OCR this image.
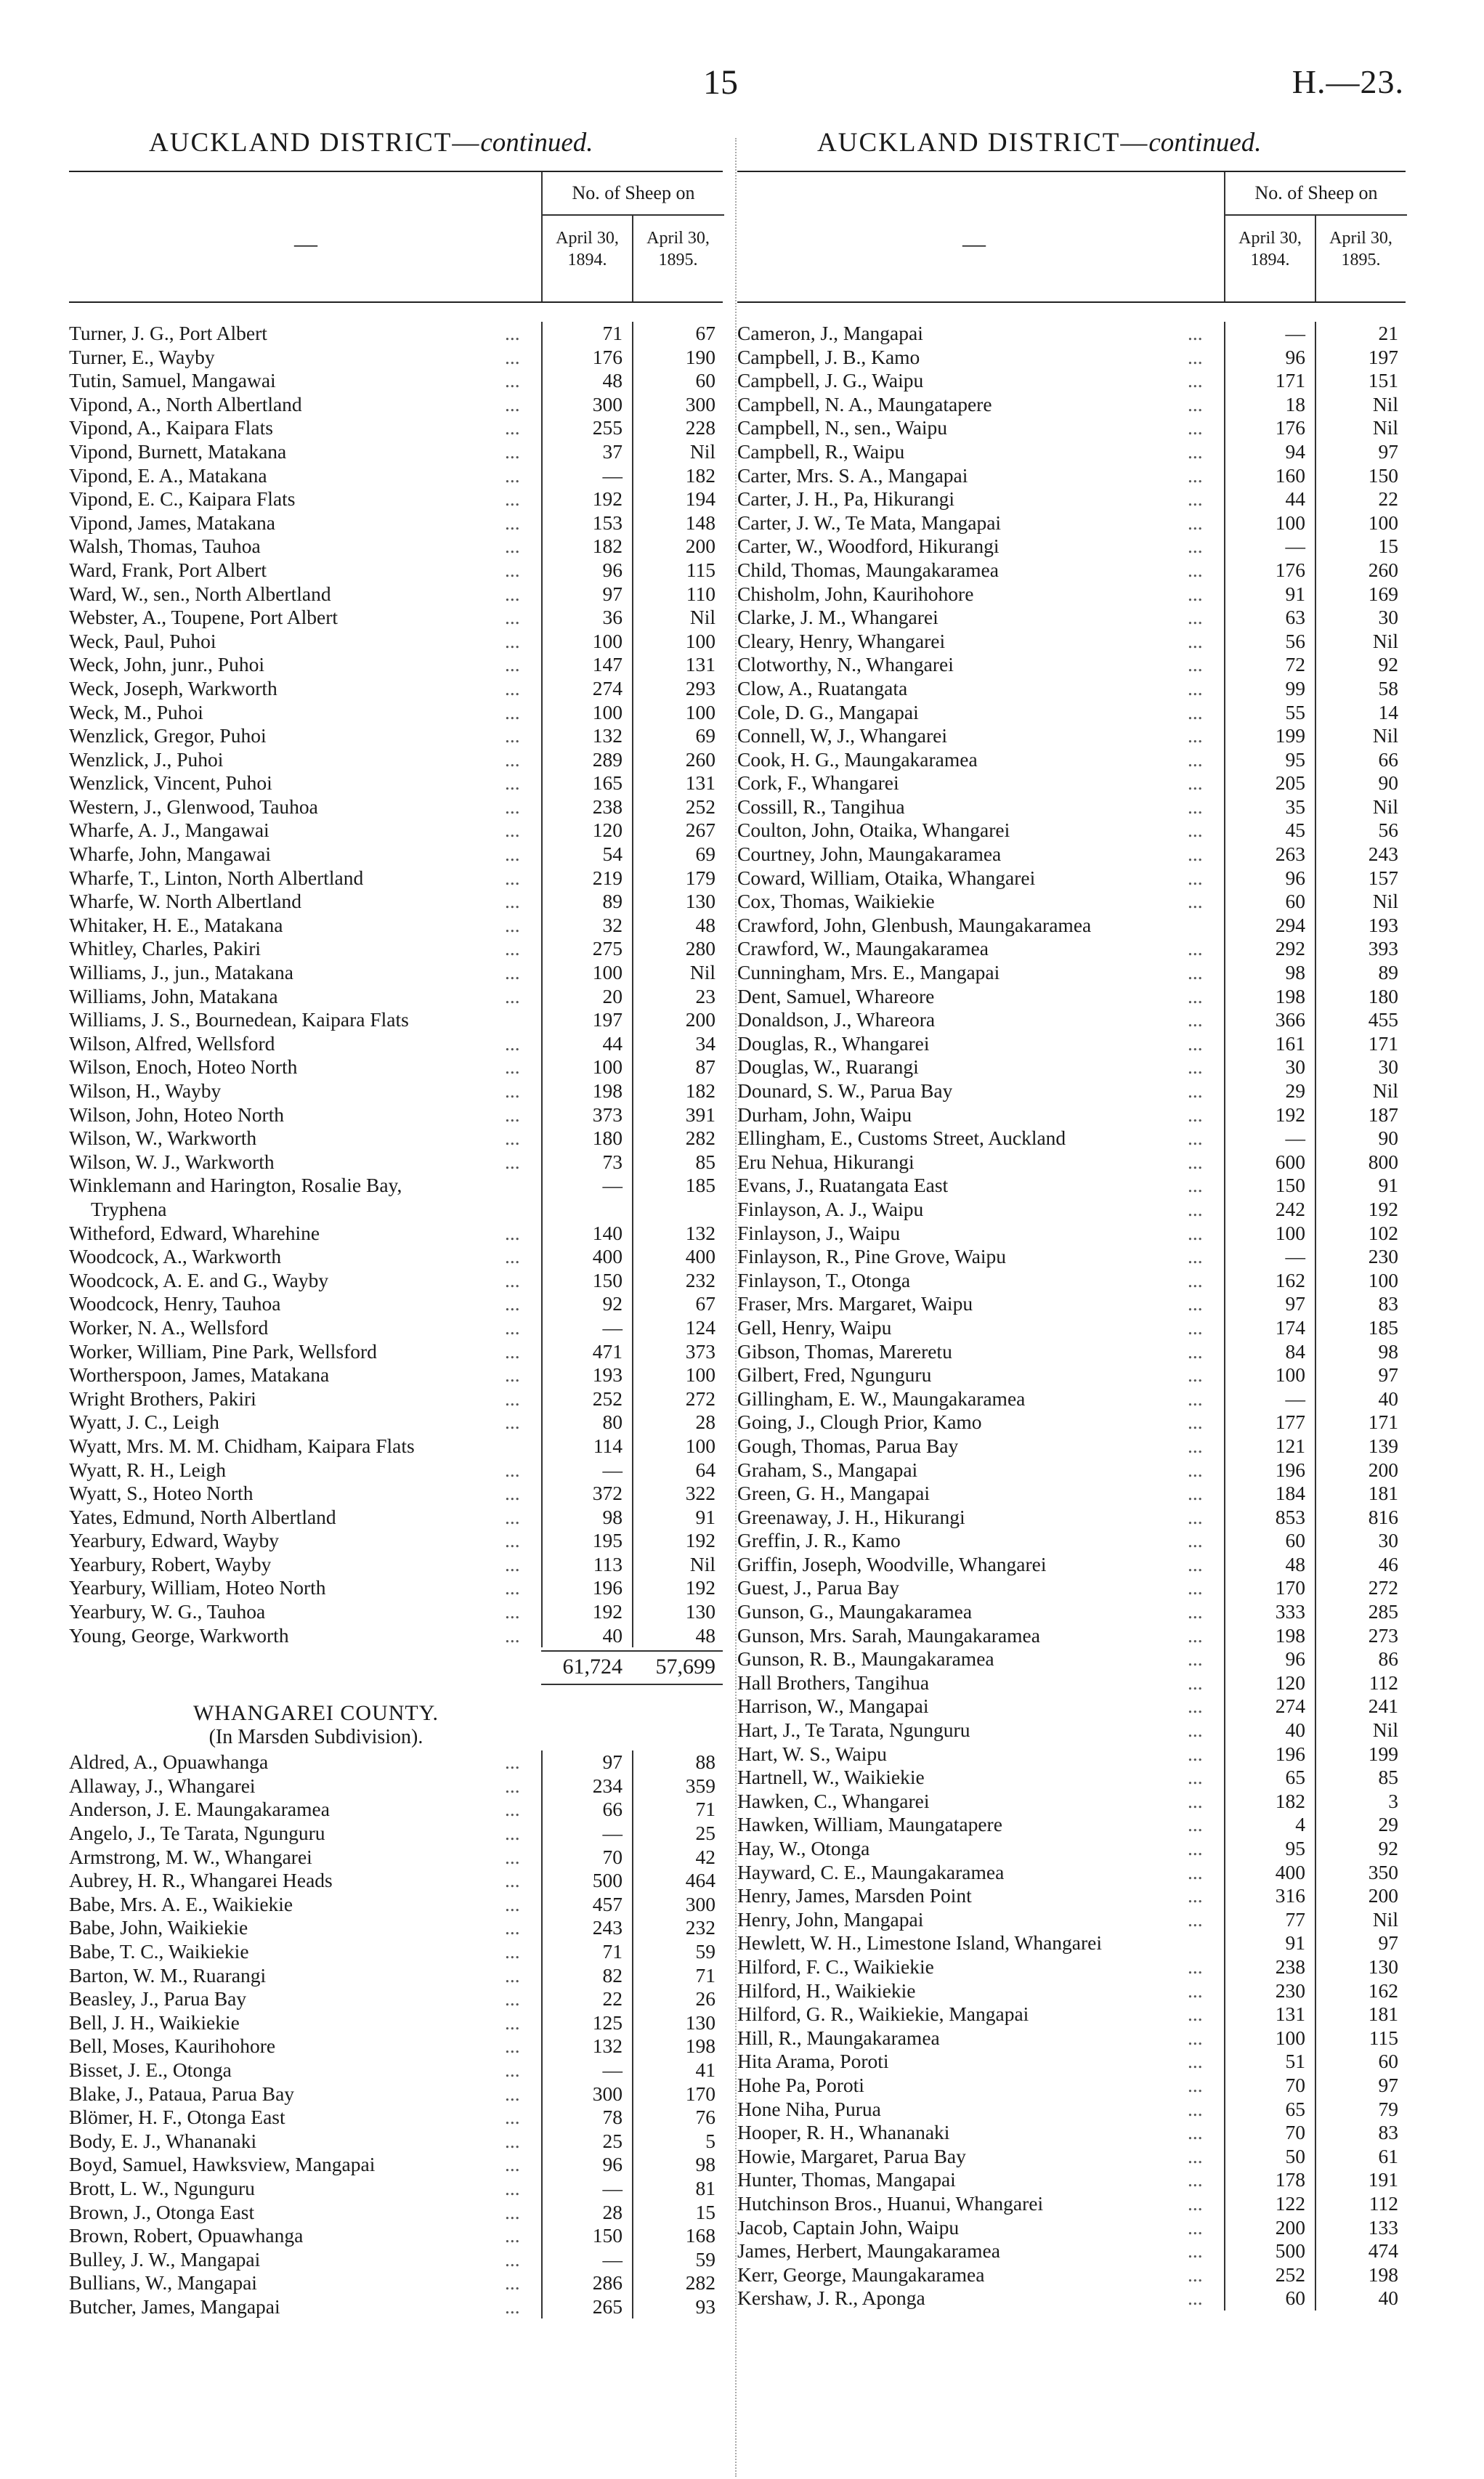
15	H.—23.
AUCKLAND DISTRICT—continued.
—
No. of Sheep on
April 30, 1894.
April 30, 1895.
Turner, J. G., Port Albert	...	71	67
Turner, E., Wayby	...	176	190
Tutin, Samuel, Mangawai	...	48	60
Vipond, A., North Albertland	...	300	300
Vipond, A., Kaipara Flats	...	255	228
Vipond, Burnett, Matakana	...	37	Nil
Vipond, E. A., Matakana	...	—	182
Vipond, E. C., Kaipara Flats	...	192	194
Vipond, James, Matakana	...	153	148
Walsh, Thomas, Tauhoa	...	182	200
Ward, Frank, Port Albert	...	96	115
Ward, W., sen., North Albertland	...	97	110
Webster, A., Toupene, Port Albert	...	36	Nil
Weck, Paul, Puhoi	...	100	100
Weck, John, junr., Puhoi	...	147	131
Weck, Joseph, Warkworth	...	274	293
Weck, M., Puhoi	...	100	100
Wenzlick, Gregor, Puhoi	...	132	69
Wenzlick, J., Puhoi	...	289	260
Wenzlick, Vincent, Puhoi	...	165	131
Western, J., Glenwood, Tauhoa	...	238	252
Wharfe, A. J., Mangawai	...	120	267
Wharfe, John, Mangawai	...	54	69
Wharfe, T., Linton, North Albertland	...	219	179
Wharfe, W. North Albertland	...	89	130
Whitaker, H. E., Matakana	...	32	48
Whitley, Charles, Pakiri	...	275	280
Williams, J., jun., Matakana	...	100	Nil
Williams, John, Matakana	...	20	23
Williams, J. S., Bournedean, Kaipara Flats	197	200
Wilson, Alfred, Wellsford	...	44	34
Wilson, Enoch, Hoteo North	...	100	87
Wilson, H., Wayby	...	198	182
Wilson, John, Hoteo North	...	373	391
Wilson, W., Warkworth	...	180	282
Wilson, W. J., Warkworth	...	73	85
Winklemann and Harington, Rosalie Bay,	—	185
Tryphena
Witheford, Edward, Wharehine	...	140	132
Woodcock, A., Warkworth	...	400	400
Woodcock, A. E. and G., Wayby	...	150	232
Woodcock, Henry, Tauhoa	...	92	67
Worker, N. A., Wellsford	...	—	124
Worker, William, Pine Park, Wellsford	...	471	373
Wortherspoon, James, Matakana	...	193	100
Wright Brothers, Pakiri	...	252	272
Wyatt, J. C., Leigh	...	80	28
Wyatt, Mrs. M. M. Chidham, Kaipara Flats	114	100
Wyatt, R. H., Leigh	...	—	64
Wyatt, S., Hoteo North	...	372	322
Yates, Edmund, North Albertland	...	98	91
Yearbury, Edward, Wayby	...	195	192
Yearbury, Robert, Wayby	...	113	Nil
Yearbury, William, Hoteo North	...	196	192
Yearbury, W. G., Tauhoa	...	192	130
Young, George, Warkworth	...	40	48
61,724	57,699
WHANGAREI COUNTY.
(In Marsden Subdivision).
Aldred, A., Opuawhanga	...	97	88
Allaway, J., Whangarei	...	234	359
Anderson, J. E. Maungakaramea	...	66	71
Angelo, J., Te Tarata, Ngunguru	...	—	25
Armstrong, M. W., Whangarei	...	70	42
Aubrey, H. R., Whangarei Heads	...	500	464
Babe, Mrs. A. E., Waikiekie	...	457	300
Babe, John, Waikiekie	...	243	232
Babe, T. C., Waikiekie	...	71	59
Barton, W. M., Ruarangi	...	82	71
Beasley, J., Parua Bay	...	22	26
Bell, J. H., Waikiekie	...	125	130
Bell, Moses, Kaurihohore	...	132	198
Bisset, J. E., Otonga	...	—	41
Blake, J., Pataua, Parua Bay	...	300	170
Blömer, H. F., Otonga East	...	78	76
Body, E. J., Whananaki	...	25	5
Boyd, Samuel, Hawksview, Mangapai	...	96	98
Brott, L. W., Ngunguru	...	—	81
Brown, J., Otonga East	...	28	15
Brown, Robert, Opuawhanga	...	150	168
Bulley, J. W., Mangapai	...	—	59
Bullians, W., Mangapai	...	286	282
Butcher, James, Mangapai	...	265	93
AUCKLAND DISTRICT—continued.
—
No. of Sheep on
April 30, 1894.
April 30, 1895.
Cameron, J., Mangapai	...	—	21
Campbell, J. B., Kamo	...	96	197
Campbell, J. G., Waipu	...	171	151
Campbell, N. A., Maungatapere	...	18	Nil
Campbell, N., sen., Waipu	...	176	Nil
Campbell, R., Waipu	...	94	97
Carter, Mrs. S. A., Mangapai	...	160	150
Carter, J. H., Pa, Hikurangi	...	44	22
Carter, J. W., Te Mata, Mangapai	...	100	100
Carter, W., Woodford, Hikurangi	...	—	15
Child, Thomas, Maungakaramea	...	176	260
Chisholm, John, Kaurihohore	...	91	169
Clarke, J. M., Whangarei	...	63	30
Cleary, Henry, Whangarei	...	56	Nil
Clotworthy, N., Whangarei	...	72	92
Clow, A., Ruatangata	...	99	58
Cole, D. G., Mangapai	...	55	14
Connell, W, J., Whangarei	...	199	Nil
Cook, H. G., Maungakaramea	...	95	66
Cork, F., Whangarei	...	205	90
Cossill, R., Tangihua	...	35	Nil
Coulton, John, Otaika, Whangarei	...	45	56
Courtney, John, Maungakaramea	...	263	243
Coward, William, Otaika, Whangarei	...	96	157
Cox, Thomas, Waikiekie	...	60	Nil
Crawford, John, Glenbush, Maungakaramea	294	193
Crawford, W., Maungakaramea	...	292	393
Cunningham, Mrs. E., Mangapai	...	98	89
Dent, Samuel, Whareore	...	198	180
Donaldson, J., Whareora	...	366	455
Douglas, R., Whangarei	...	161	171
Douglas, W., Ruarangi	...	30	30
Dounard, S. W., Parua Bay	...	29	Nil
Durham, John, Waipu	...	192	187
Ellingham, E., Customs Street, Auckland	...	—	90
Eru Nehua, Hikurangi	...	600	800
Evans, J., Ruatangata East	...	150	91
Finlayson, A. J., Waipu	...	242	192
Finlayson, J., Waipu	...	100	102
Finlayson, R., Pine Grove, Waipu	...	—	230
Finlayson, T., Otonga	...	162	100
Fraser, Mrs. Margaret, Waipu	...	97	83
Gell, Henry, Waipu	...	174	185
Gibson, Thomas, Mareretu	...	84	98
Gilbert, Fred, Ngunguru	...	100	97
Gillingham, E. W., Maungakaramea	...	—	40
Going, J., Clough Prior, Kamo	...	177	171
Gough, Thomas, Parua Bay	...	121	139
Graham, S., Mangapai	...	196	200
Green, G. H., Mangapai	...	184	181
Greenaway, J. H., Hikurangi	...	853	816
Greffin, J. R., Kamo	...	60	30
Griffin, Joseph, Woodville, Whangarei	...	48	46
Guest, J., Parua Bay	...	170	272
Gunson, G., Maungakaramea	...	333	285
Gunson, Mrs. Sarah, Maungakaramea	...	198	273
Gunson, R. B., Maungakaramea	...	96	86
Hall Brothers, Tangihua	...	120	112
Harrison, W., Mangapai	...	274	241
Hart, J., Te Tarata, Ngunguru	...	40	Nil
Hart, W. S., Waipu	...	196	199
Hartnell, W., Waikiekie	...	65	85
Hawken, C., Whangarei	...	182	3
Hawken, William, Maungatapere	...	4	29
Hay, W., Otonga	...	95	92
Hayward, C. E., Maungakaramea	...	400	350
Henry, James, Marsden Point	...	316	200
Henry, John, Mangapai	...	77	Nil
Hewlett, W. H., Limestone Island, Whangarei	91	97
Hilford, F. C., Waikiekie	...	238	130
Hilford, H., Waikiekie	...	230	162
Hilford, G. R., Waikiekie, Mangapai	...	131	181
Hill, R., Maungakaramea	...	100	115
Hita Arama, Poroti	...	51	60
Hohe Pa, Poroti	...	70	97
Hone Niha, Purua	...	65	79
Hooper, R. H., Whananaki	...	70	83
Howie, Margaret, Parua Bay	...	50	61
Hunter, Thomas, Mangapai	...	178	191
Hutchinson Bros., Huanui, Whangarei	...	122	112
Jacob, Captain John, Waipu	...	200	133
James, Herbert, Maungakaramea	...	500	474
Kerr, George, Maungakaramea	...	252	198
Kershaw, J. R., Aponga	...	60	40
